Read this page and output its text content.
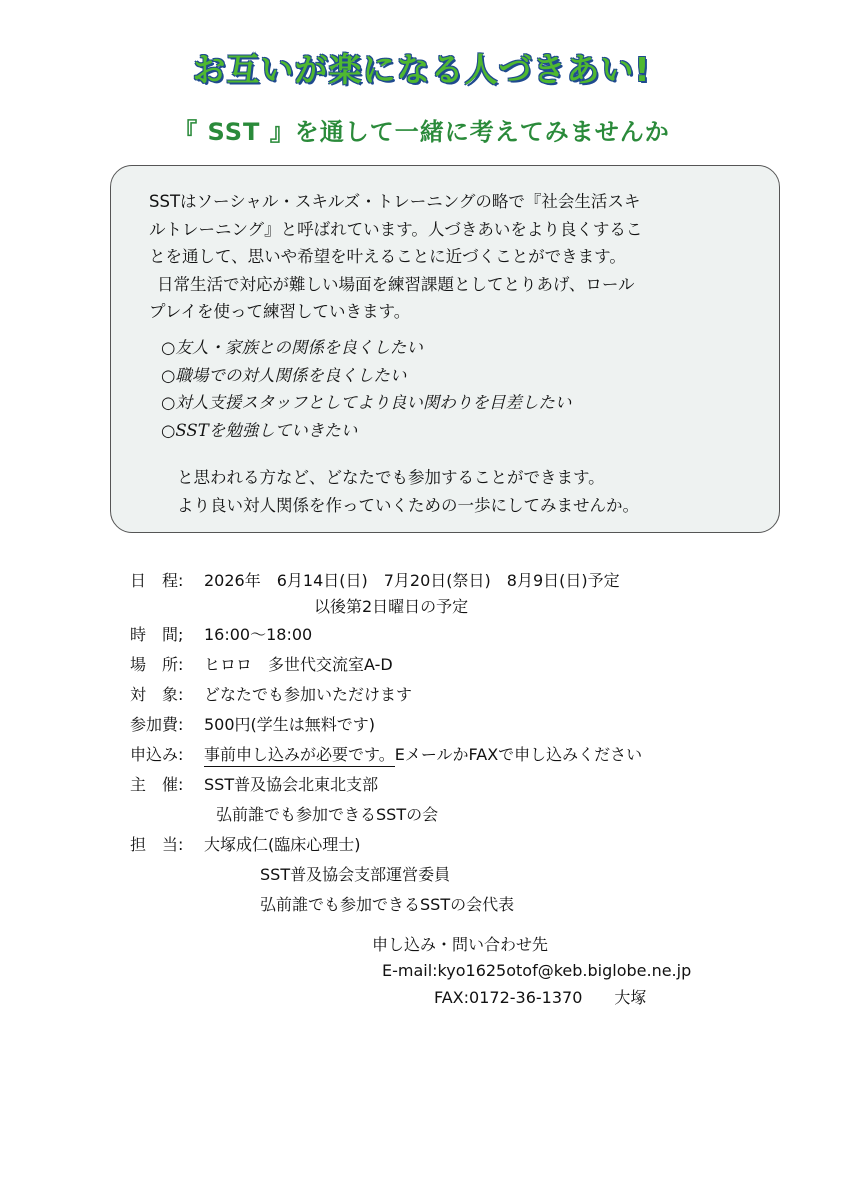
お互いが楽になる人づきあい!
『 SST 』を通して一緒に考えてみませんか

SSTはソーシャル・スキルズ・トレーニングの略で『社会生活スキ
ルトレーニング』と呼ばれています。人づきあいをより良くするこ
とを通して、思いや希望を叶えることに近づくことができます。
日常生活で対応が難しい場面を練習課題としてとりあげ、ロール
プレイを使って練習していきます。

○友人・家族との関係を良くしたい
○職場での対人関係を良くしたい
○対人支援スタッフとしてより良い関わりを目差したい
○SSTを勉強していきたい

と思われる方など、どなたでも参加することができます。
より良い対人関係を作っていくための一歩にしてみませんか。

日　程: 2026年　6月14日(日)　7月20日(祭日)　8月9日(日)予定
以後第2日曜日の予定
時　間; 16:00～18:00
場　所: ヒロロ　多世代交流室A-D
対　象: どなたでも参加いただけます
参加費: 500円(学生は無料です)
申込み: 事前申し込みが必要です。EメールかFAXで申し込みください
主　催: SST普及協会北東北支部
弘前誰でも参加できるSSTの会
担　当: 大塚成仁(臨床心理士)
SST普及協会支部運営委員
弘前誰でも参加できるSSTの会代表
申し込み・問い合わせ先
E-mail:kyo1625otof@keb.biglobe.ne.jp
FAX:0172-36-1370　　大塚
